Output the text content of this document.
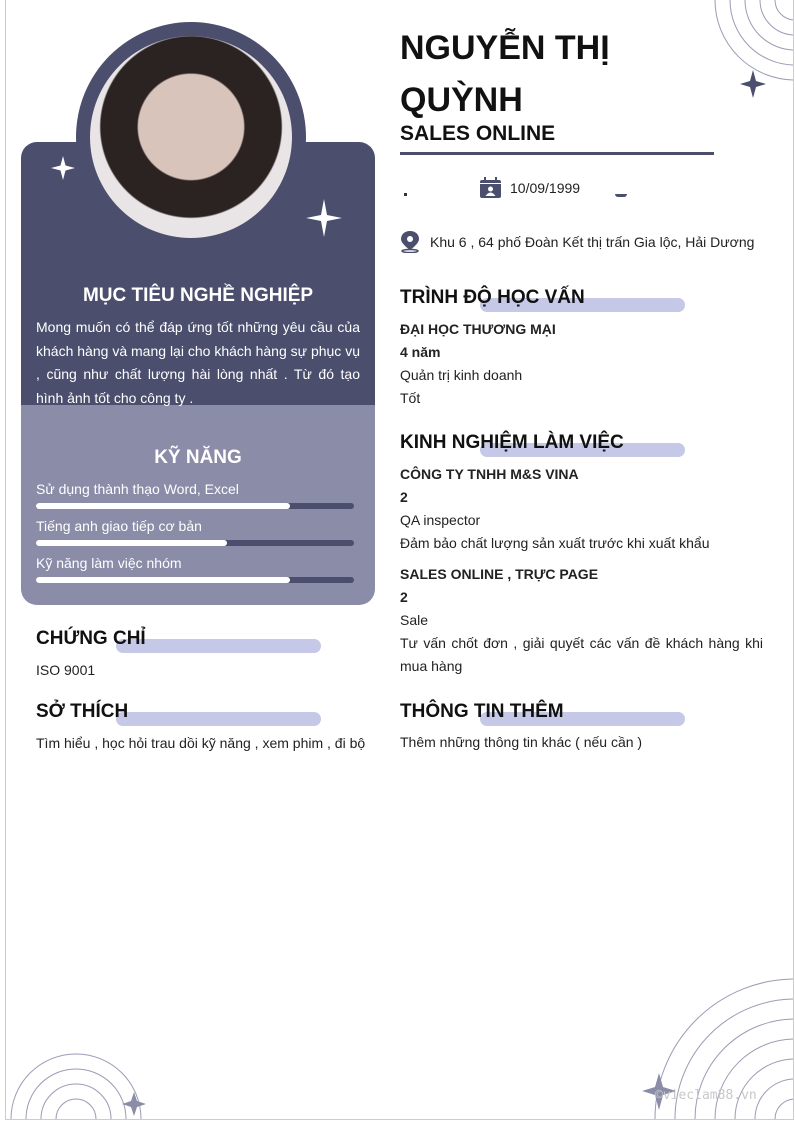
MỤC TIÊU NGHỀ NGHIỆP
Mong muốn có thể đáp ứng tốt những yêu cầu của khách hàng và mang lại cho khách hàng sự phục vụ , cũng như chất lượng hài lòng nhất . Từ đó tạo hình ảnh tốt cho công ty .
KỸ NĂNG
Sử dụng thành thạo Word, Excel
Tiếng anh giao tiếp cơ bản
Kỹ năng làm việc nhóm
CHỨNG CHỈ
ISO 9001
SỞ THÍCH
Tìm hiểu , học hỏi trau dồi kỹ năng , xem phim , đi bộ
NGUYỄN THỊ
QUỲNH
SALES ONLINE
10/09/1999
Khu 6 , 64 phố Đoàn Kết thị trấn Gia lộc, Hải Dương
TRÌNH ĐỘ HỌC VẤN
ĐẠI HỌC THƯƠNG MẠI
4 năm
Quản trị kinh doanh
Tốt
KINH NGHIỆM LÀM VIỆC
CÔNG TY TNHH M&S VINA
2
QA inspector
Đảm bảo chất lượng sản xuất trước khi xuất khẩu
SALES ONLINE , TRỰC PAGE
2
Sale
Tư vấn chốt đơn , giải quyết các vấn đề khách hàng khi mua hàng
THÔNG TIN THÊM
Thêm những thông tin khác ( nếu cần )
©vieclam88.vn
